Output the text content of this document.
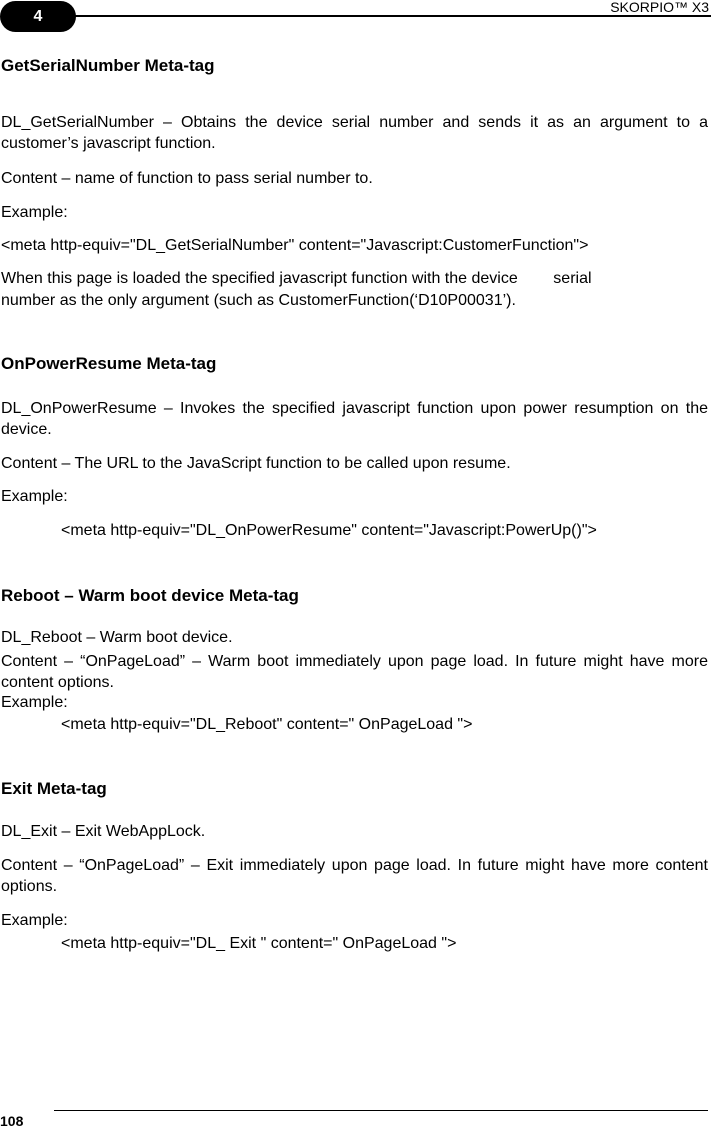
4
SKORPIO™ X3
GetSerialNumber Meta-tag
DL_GetSerialNumber – Obtains the device serial number and sends it as an argument to a customer’s javascript function.
Content – name of function to pass serial number to.
Example:
<meta http-equiv="DL_GetSerialNumber" content="Javascript:CustomerFunction">
When this page is loaded the specified javascript function with the device        serial
number as the only argument (such as CustomerFunction(‘D10P00031’).
OnPowerResume Meta-tag
DL_OnPowerResume – Invokes the specified javascript function upon power resumption on the device.
Content – The URL to the JavaScript function to be called upon resume.
Example:
<meta http-equiv="DL_OnPowerResume" content="Javascript:PowerUp()">
Reboot – Warm boot device Meta-tag
DL_Reboot – Warm boot device.
Content – “OnPageLoad” – Warm boot immediately upon page load. In future might have more content options.
Example:
<meta http-equiv="DL_Reboot" content=" OnPageLoad ">
Exit Meta-tag
DL_Exit – Exit WebAppLock.
Content – “OnPageLoad” – Exit immediately upon page load. In future might have more content options.
Example:
<meta http-equiv="DL_ Exit " content=" OnPageLoad ">
108
